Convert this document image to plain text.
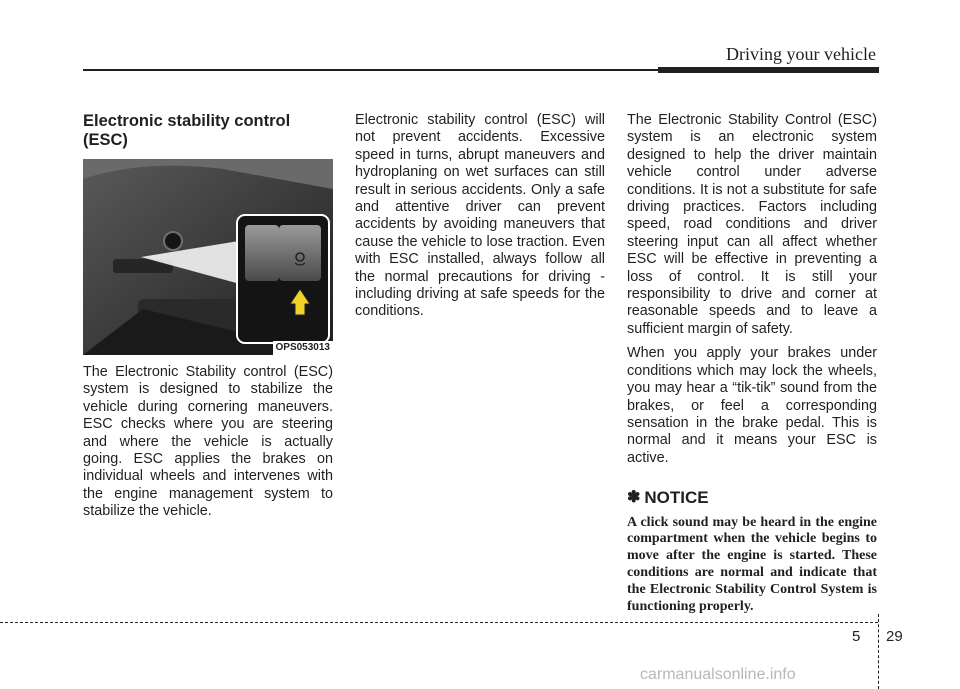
Driving your vehicle
Electronic stability control (ESC)
OPS053013

The Electronic Stability control (ESC) system is designed to stabilize the vehicle during cornering maneuvers. ESC checks where you are steering and where the vehicle is actually going. ESC applies the brakes on individual wheels and intervenes with the engine management system to stabilize the vehicle.

Electronic stability control (ESC) will not prevent accidents. Excessive speed in turns, abrupt maneuvers and hydroplaning on wet surfaces can still result in serious accidents. Only a safe and attentive driver can prevent accidents by avoiding maneuvers that cause the vehicle to lose traction. Even with ESC installed, always follow all the normal precautions for driving - including driving at safe speeds for the conditions.

The Electronic Stability Control (ESC) system is an electronic system designed to help the driver maintain vehicle control under adverse conditions. It is not a substitute for safe driving practices. Factors including speed, road conditions and driver steering input can all affect whether ESC will be effective in preventing a loss of control. It is still your responsibility to drive and corner at reasonable speeds and to leave a sufficient margin of safety.

When you apply your brakes under conditions which may lock the wheels, you may hear a “tik-tik” sound from the brakes, or feel a corresponding sensation in the brake pedal. This is normal and it means your ESC is active.

✽ NOTICE

A click sound may be heard in the engine compartment when the vehicle begins to move after the engine is started. These conditions are normal and indicate that the Electronic Stability Control System is functioning properly.

5 29
carmanualsonline.info
